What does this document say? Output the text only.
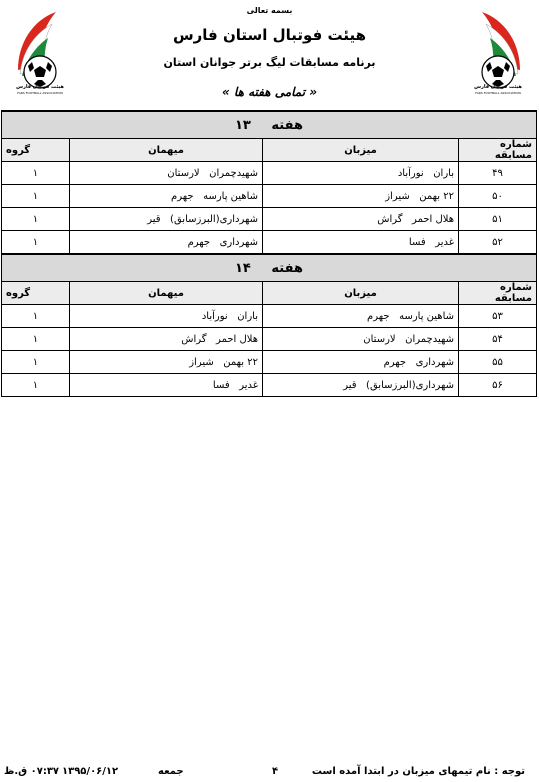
بسمه تعالی
هیئت فوتبال استان فارس
برنامه مسابقات لیگ برتر جوانان استان
« تمامی هفته ها »
هیئت فوتبال فارس
FARS FOOTBALL ASSOCIATION
هیئت فوتبال فارس
FARS FOOTBALL ASSOCIATION
هفته ۱۳			
شماره مسابقه	میزبان	میهمان	گروه
۴۹	باران   نورآباد	شهیدچمران   لارستان	۱
۵۰	۲۲ بهمن   شیراز	شاهین پارسه   جهرم	۱
۵۱	هلال احمر   گراش	شهرداری(البرزسابق)   قیر	۱
۵۲	غدیر   فسا	شهرداری   جهرم	۱
هفته ۱۴			
شماره مسابقه	میزبان	میهمان	گروه
۵۳	شاهین پارسه   جهرم	باران   نورآباد	۱
۵۴	شهیدچمران   لارستان	هلال احمر   گراش	۱
۵۵	شهرداری   جهرم	۲۲ بهمن   شیراز	۱
۵۶	شهرداری(البرزسابق)   قیر	غدیر   فسا	۱
توجه : نام تیمهای میزبان در ابتدا آمده است
۴
جمعه
۱۳۹۵/۰۶/۱۲
۰۷:۳۷ ق.ظ
